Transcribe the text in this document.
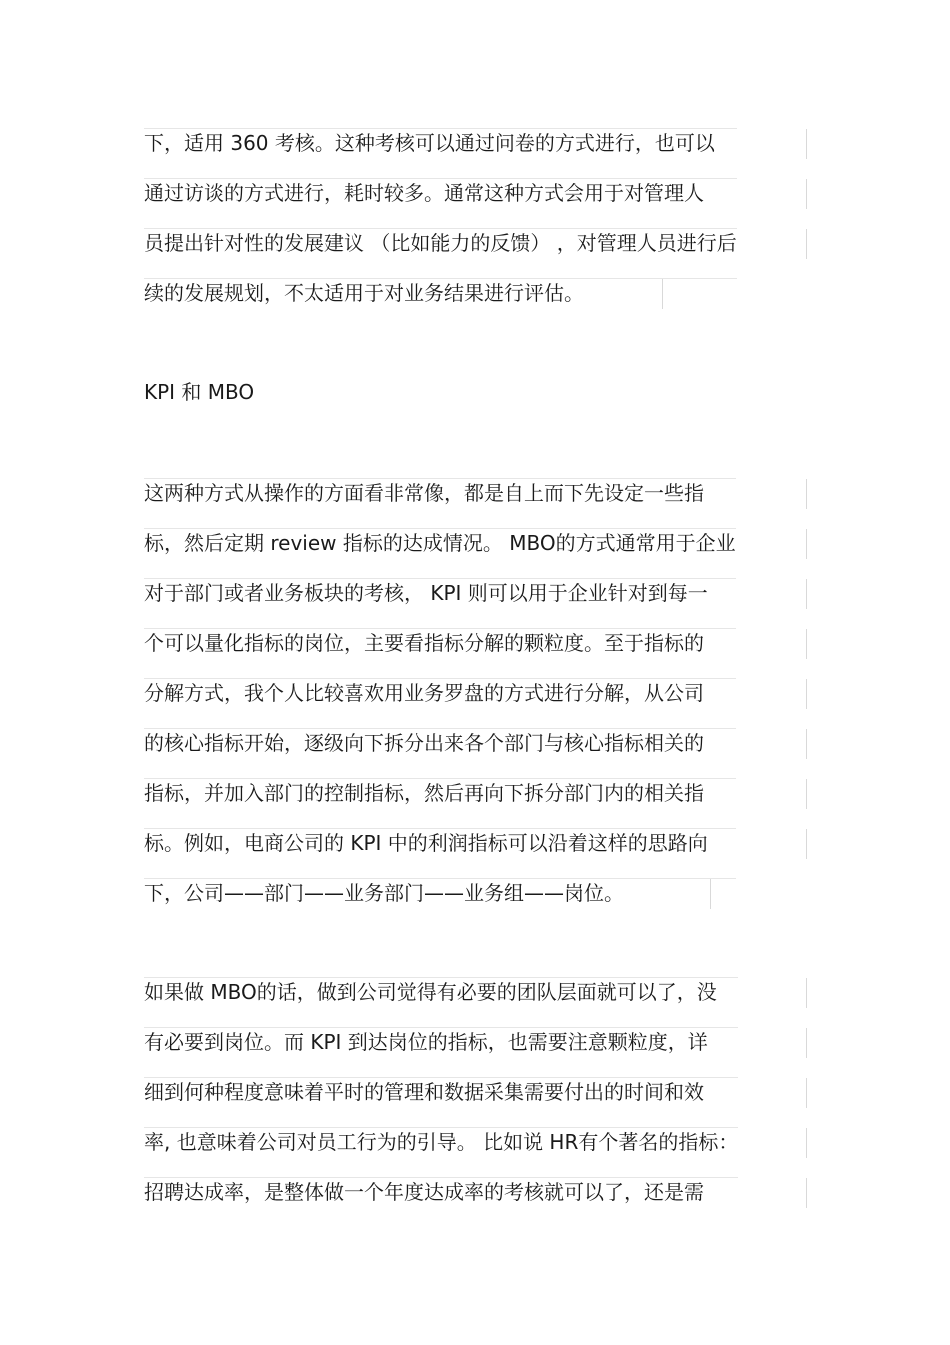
下，适用 360 考核。这种考核可以通过问卷的方式进行，也可以
通过访谈的方式进行，耗时较多。通常这种方式会用于对管理人
员提出针对性的发展建议 （比如能力的反馈） ，对管理人员进行后
续的发展规划，不太适用于对业务结果进行评估。
KPI 和 MBO
这两种方式从操作的方面看非常像，都是自上而下先设定一些指
标，然后定期 review 指标的达成情况。 MBO的方式通常用于企业
对于部门或者业务板块的考核， KPI 则可以用于企业针对到每一
个可以量化指标的岗位，主要看指标分解的颗粒度。至于指标的
分解方式，我个人比较喜欢用业务罗盘的方式进行分解，从公司
的核心指标开始，逐级向下拆分出来各个部门与核心指标相关的
指标，并加入部门的控制指标，然后再向下拆分部门内的相关指
标。例如，电商公司的 KPI 中的利润指标可以沿着这样的思路向
下，公司——部门——业务部门——业务组——岗位。
如果做 MBO的话，做到公司觉得有必要的团队层面就可以了，没
有必要到岗位。而 KPI 到达岗位的指标，也需要注意颗粒度，详
细到何种程度意味着平时的管理和数据采集需要付出的时间和效
率, 也意味着公司对员工行为的引导。 比如说 HR有个著名的指标：
招聘达成率，是整体做一个年度达成率的考核就可以了，还是需
